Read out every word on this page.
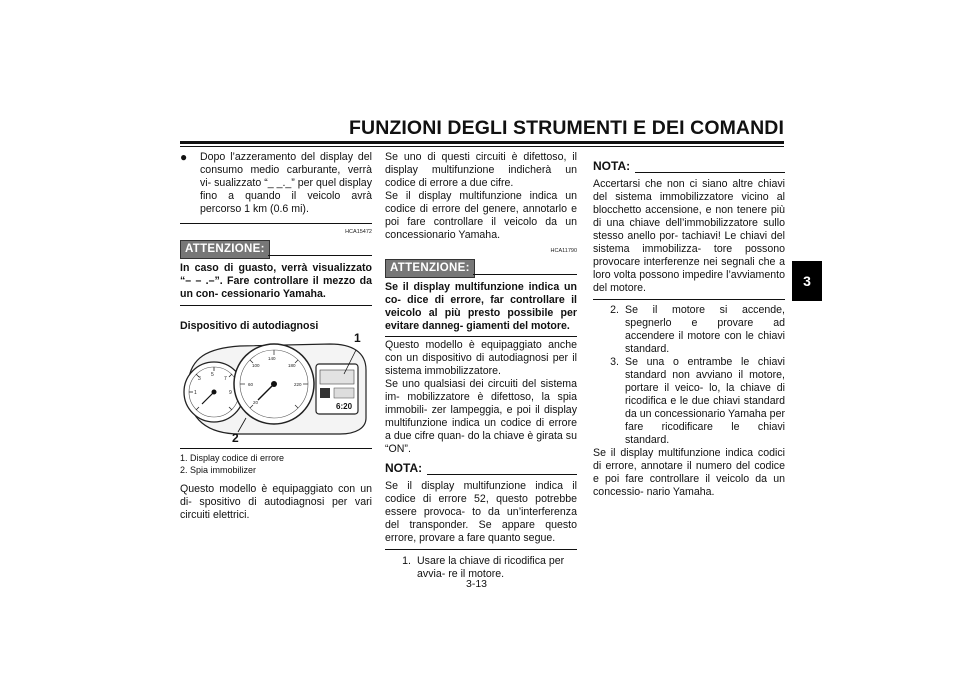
FUNZIONI DEGLI STRUMENTI E DEI COMANDI
3
●	Dopo l’azzeramento del display del consumo medio carburante, verrà vi- sualizzato “_ _._” per quel display fino a quando il veicolo avrà percorso 1 km (0.6 mi).

HCA15472
ATTENZIONE:

In caso di guasto, verrà visualizzato “– – .–”. Fare controllare il mezzo da un con- cessionario Yamaha.

Dispositivo di autodiagnosi

5
7
9
3
1
140
180
220
100
60
20	6:20
1
2

1. Display codice di errore

2. Spia immobilizer

Questo modello è equipaggiato con un di- spositivo di autodiagnosi per vari circuiti elettrici.

Se uno di questi circuiti è difettoso, il display multifunzione indicherà un codice di errore a due cifre.

Se il display multifunzione indica un codice di errore del genere, annotarlo e poi fare controllare il veicolo da un concessionario Yamaha.

HCA11790
ATTENZIONE:

Se il display multifunzione indica un co- dice di errore, far controllare il veicolo al più presto possibile per evitare danneg- giamenti del motore.

Questo modello è equipaggiato anche con un dispositivo di autodiagnosi per il sistema immobilizzatore.

Se uno qualsiasi dei circuiti del sistema im- mobilizzatore è difettoso, la spia immobili- zer lampeggia, e poi il display multifunzione indica un codice di errore a due cifre quan- do la chiave è girata su “ON”.

NOTA:

Se il display multifunzione indica il codice di errore 52, questo potrebbe essere provoca- to da un’interferenza del transponder. Se appare questo errore, provare a fare quanto segue.

1. Usare la chiave di ricodifica per avvia- re il motore.
NOTA:

Accertarsi che non ci siano altre chiavi del sistema immobilizzatore vicino al blocchetto accensione, e non tenere più di una chiave dell’immobilizzatore sullo stesso anello por- tachiavi! Le chiavi del sistema immobilizza- tore possono provocare interferenze nei segnali che a loro volta possono impedire l’avviamento del motore.

2. Se il motore si accende, spegnerlo e provare ad accendere il motore con le chiavi standard.
3. Se una o entrambe le chiavi standard non avviano il motore, portare il veico- lo, la chiave di ricodifica e le due chiavi standard da un concessionario Yamaha per fare ricodificare le chiavi standard.

Se il display multifunzione indica codici di errore, annotare il numero del codice e poi fare controllare il veicolo da un concessio- nario Yamaha.

3-13
